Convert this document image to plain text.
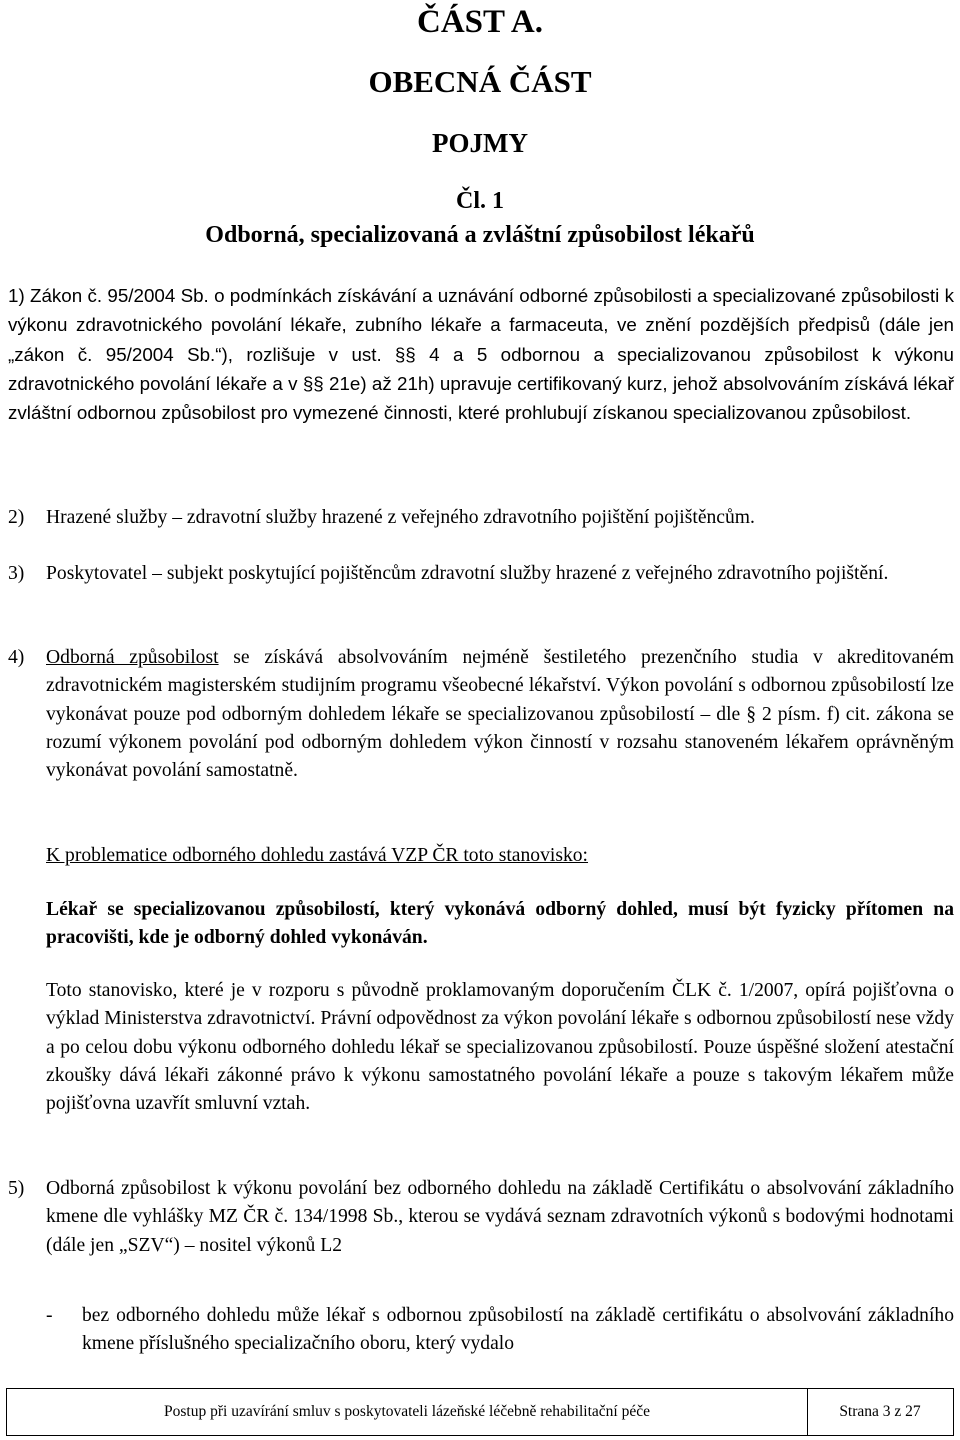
ČÁST A.
OBECNÁ ČÁST
POJMY
Čl. 1
Odborná, specializovaná a zvláštní způsobilost lékařů
1) Zákon č. 95/2004 Sb. o podmínkách získávání a uznávání odborné způsobilosti a specializované způsobilosti k výkonu zdravotnického povolání lékaře, zubního lékaře a farmaceuta, ve znění pozdějších předpisů (dále jen „zákon č. 95/2004 Sb.“), rozlišuje v ust. §§ 4 a 5 odbornou a specializovanou způsobilost k výkonu zdravotnického povolání lékaře a v §§ 21e) až 21h) upravuje certifikovaný kurz, jehož absolvováním získává lékař zvláštní odbornou způsobilost pro vymezené činnosti, které prohlubují získanou specializovanou způsobilost.
2) Hrazené služby – zdravotní služby hrazené z veřejného zdravotního pojištění pojištěncům.
3) Poskytovatel – subjekt poskytující pojištěncům zdravotní služby hrazené z veřejného zdravotního pojištění.
4) Odborná způsobilost se získává absolvováním nejméně šestiletého prezenčního studia v akreditovaném zdravotnickém magisterském studijním programu všeobecné lékařství. Výkon povolání s odbornou způsobilostí lze vykonávat pouze pod odborným dohledem lékaře se specializovanou způsobilostí – dle § 2 písm. f) cit. zákona se rozumí výkonem povolání pod odborným dohledem výkon činností v rozsahu stanoveném lékařem oprávněným vykonávat povolání samostatně.
K problematice odborného dohledu zastává VZP ČR toto stanovisko:
Lékař se specializovanou způsobilostí, který vykonává odborný dohled, musí být fyzicky přítomen na pracovišti, kde je odborný dohled vykonáván.
Toto stanovisko, které je v rozporu s původně proklamovaným doporučením ČLK č. 1/2007, opírá pojišťovna o výklad Ministerstva zdravotnictví. Právní odpovědnost za výkon povolání lékaře s odbornou způsobilostí nese vždy a po celou dobu výkonu odborného dohledu lékař se specializovanou způsobilostí. Pouze úspěšné složení atestační zkoušky dává lékaři zákonné právo k výkonu samostatného povolání lékaře a pouze s takovým lékařem může pojišťovna uzavřít smluvní vztah.
5) Odborná způsobilost k výkonu povolání bez odborného dohledu na základě Certifikátu o absolvování základního kmene dle vyhlášky MZ ČR č. 134/1998 Sb., kterou se vydává seznam zdravotních výkonů s bodovými hodnotami (dále jen „SZV“) – nositel výkonů L2
- bez odborného dohledu může lékař s odbornou způsobilostí na základě certifikátu o absolvování základního kmene příslušného specializačního oboru, který vydalo
Postup při uzavírání smluv s poskytovateli lázeňské léčebně rehabilitační péče	Strana 3 z 27
